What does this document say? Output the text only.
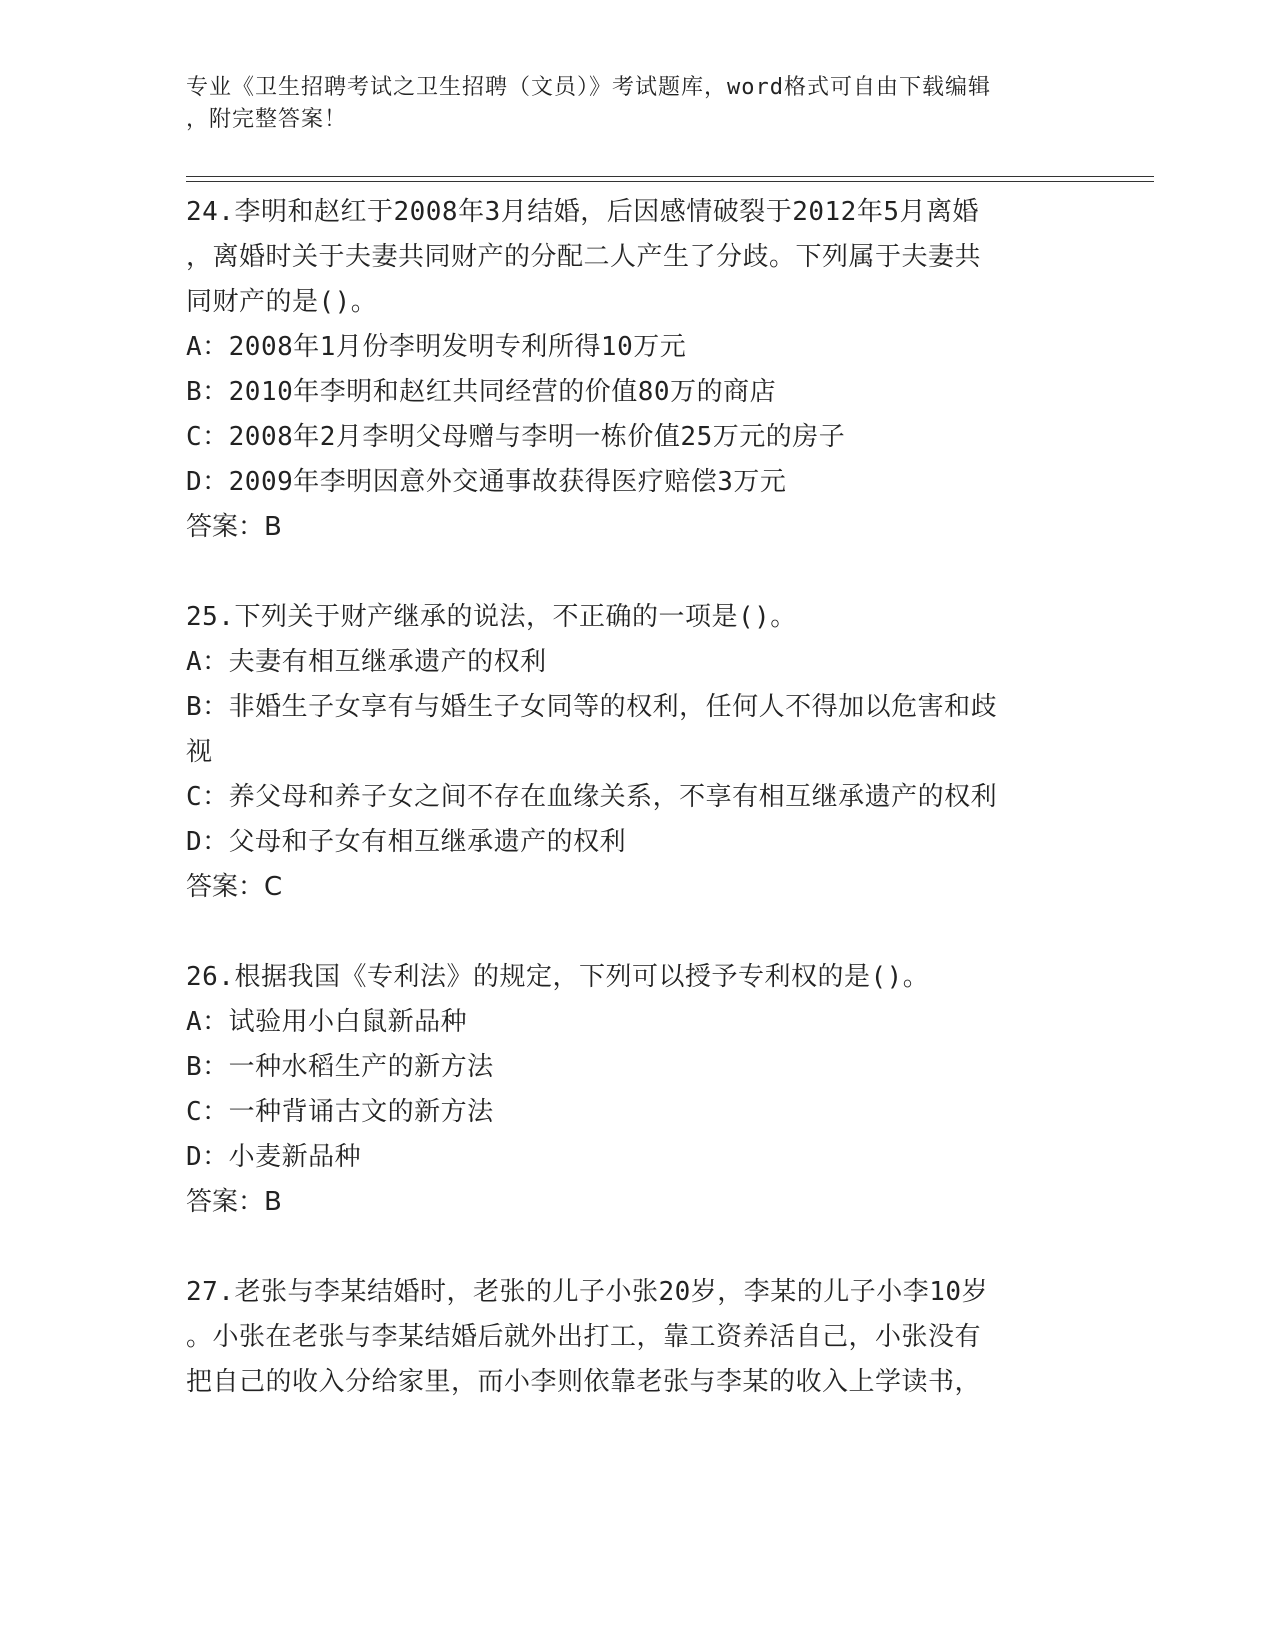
专业《卫生招聘考试之卫生招聘（文员）》考试题库，word格式可自由下载编辑
，附完整答案！
24.李明和赵红于2008年3月结婚，后因感情破裂于2012年5月离婚
，离婚时关于夫妻共同财产的分配二人产生了分歧。下列属于夫妻共
同财产的是()。
A：2008年1月份李明发明专利所得10万元
B：2010年李明和赵红共同经营的价值80万的商店
C：2008年2月李明父母赠与李明一栋价值25万元的房子
D：2009年李明因意外交通事故获得医疗赔偿3万元
答案：B
25.下列关于财产继承的说法，不正确的一项是()。
A：夫妻有相互继承遗产的权利
B：非婚生子女享有与婚生子女同等的权利，任何人不得加以危害和歧
视
C：养父母和养子女之间不存在血缘关系，不享有相互继承遗产的权利
D：父母和子女有相互继承遗产的权利
答案：C
26.根据我国《专利法》的规定，下列可以授予专利权的是()。
A：试验用小白鼠新品种
B：一种水稻生产的新方法
C：一种背诵古文的新方法
D：小麦新品种
答案：B
27.老张与李某结婚时，老张的儿子小张20岁，李某的儿子小李10岁
。小张在老张与李某结婚后就外出打工，靠工资养活自己，小张没有
把自己的收入分给家里，而小李则依靠老张与李某的收入上学读书，
